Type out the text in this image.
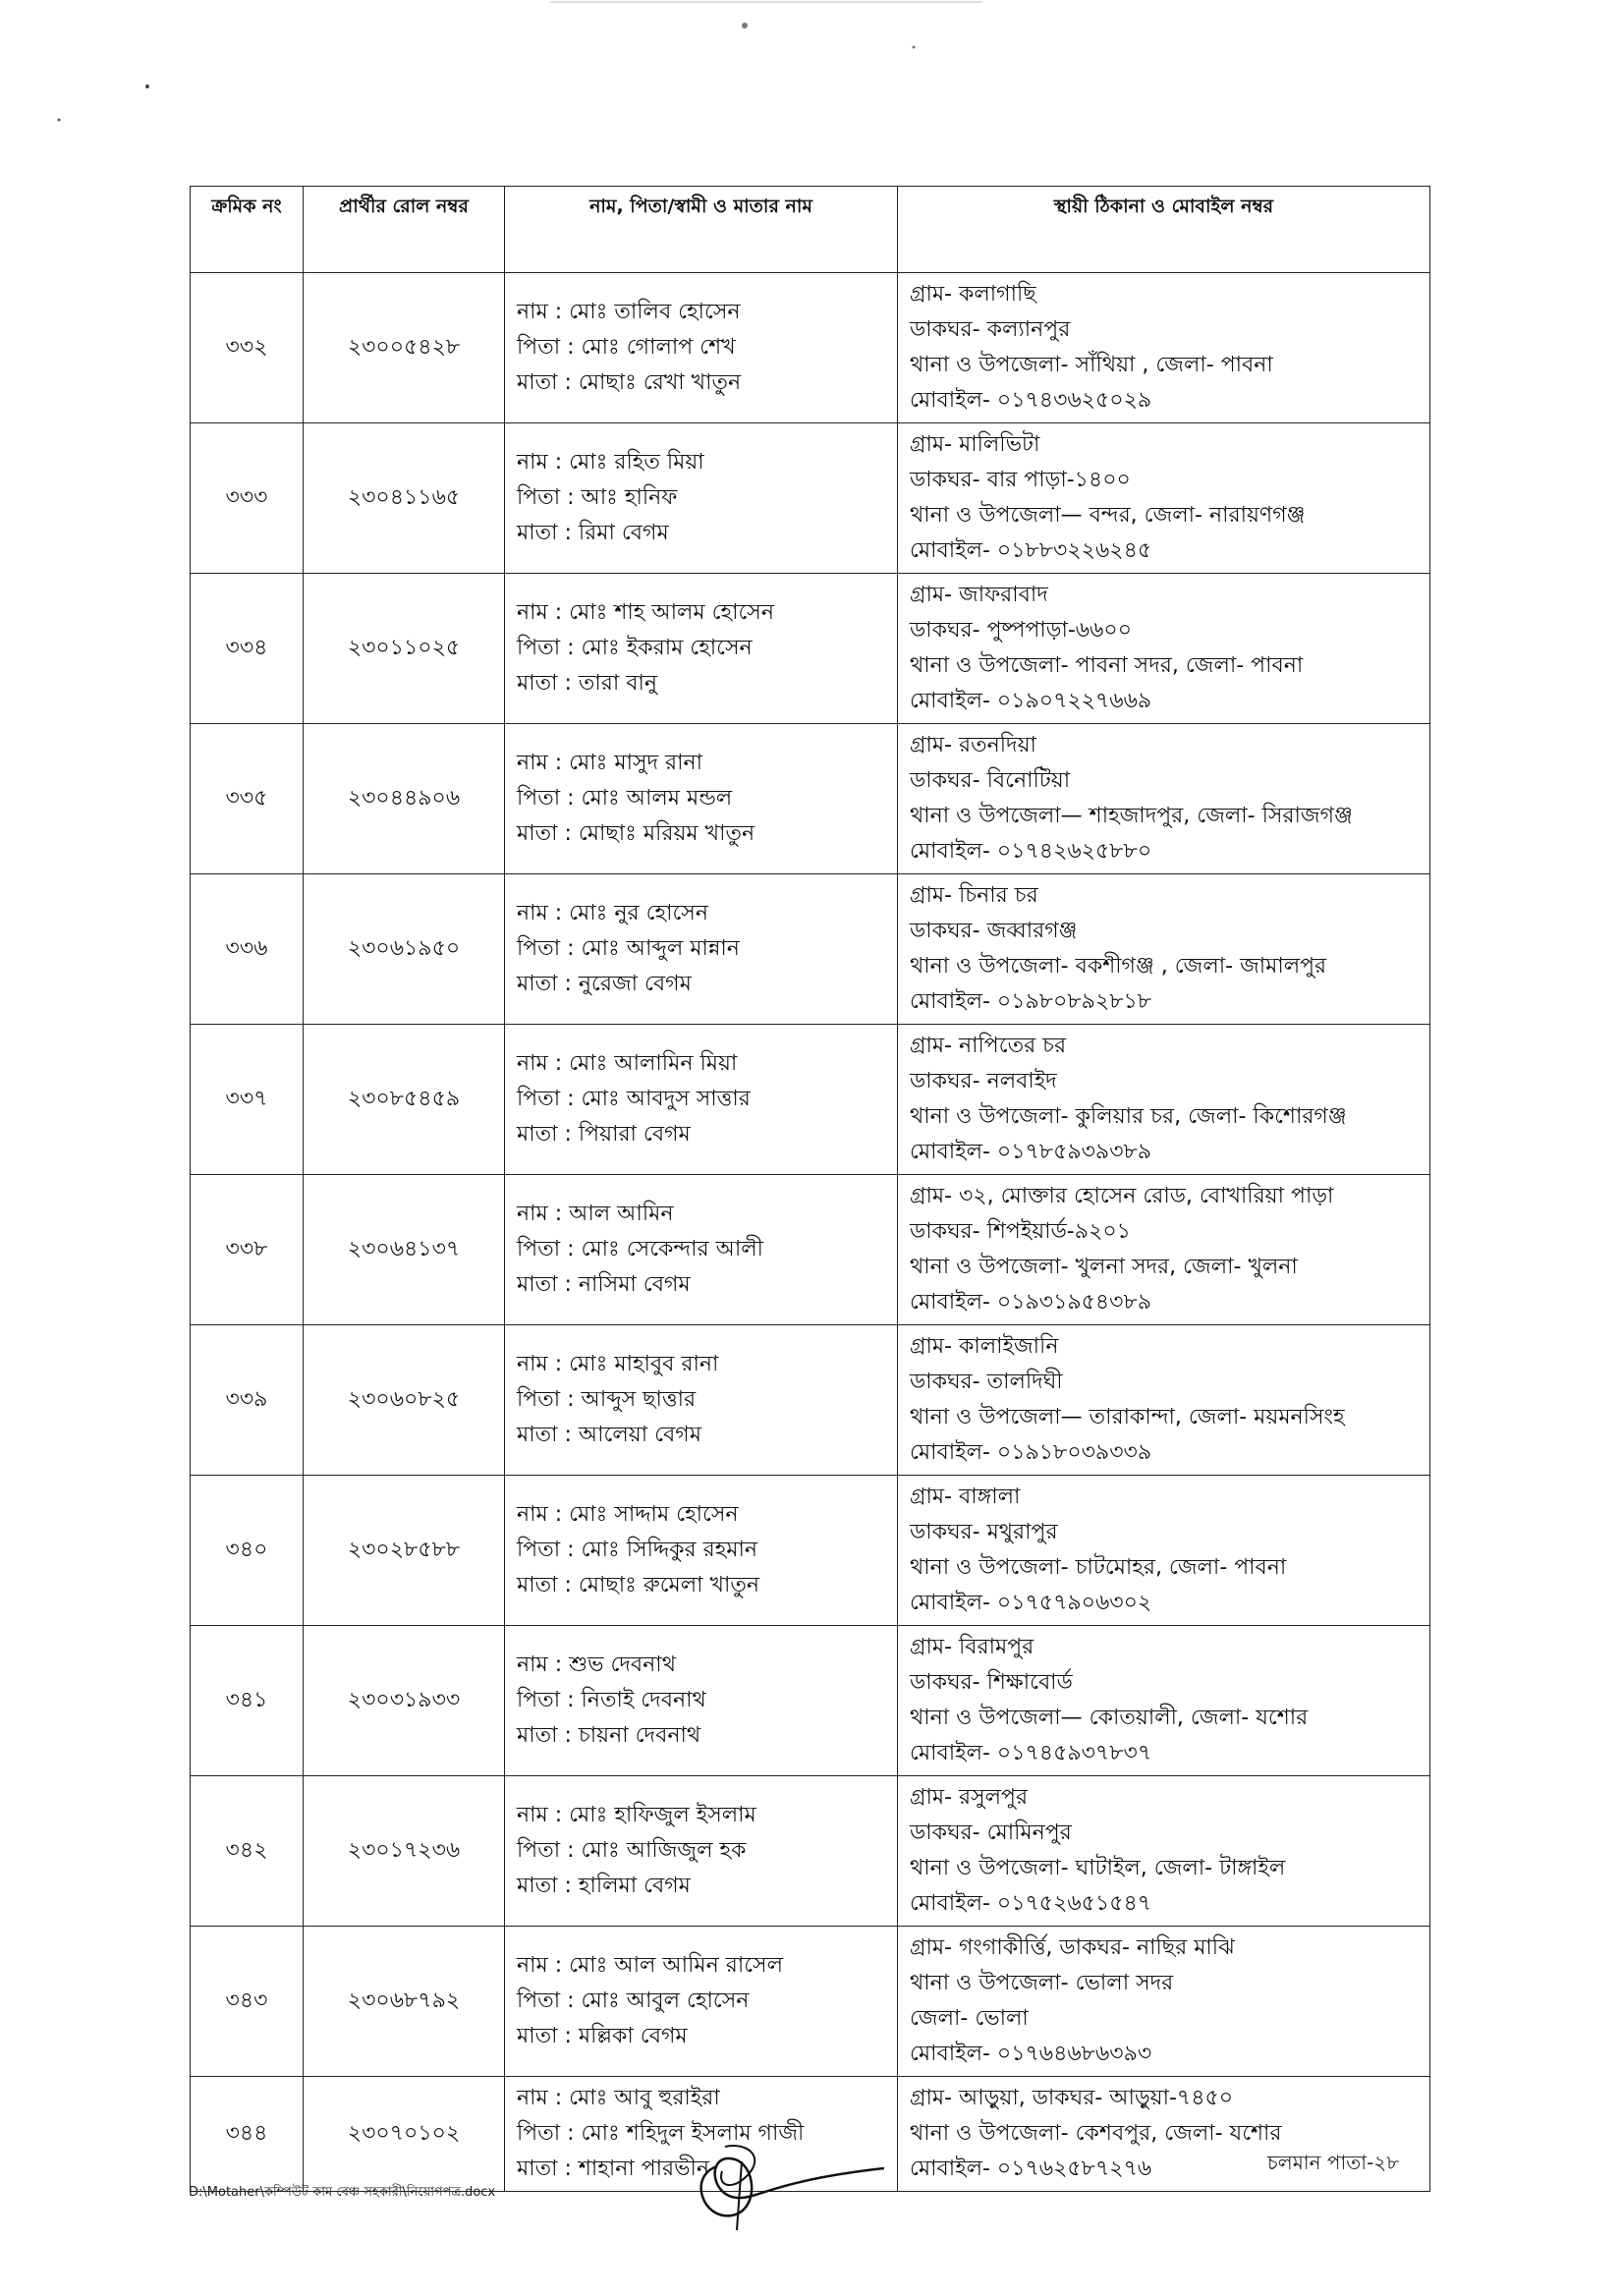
ক্রমিক নং	প্রার্থীর রোল নম্বর	নাম, পিতা/স্বামী ও মাতার নাম	স্থায়ী ঠিকানা ও মোবাইল নম্বর
৩৩২	২৩০০৫৪২৮	নাম : মোঃ তালিব হোসেন
পিতা : মোঃ গোলাপ শেখ
মাতা : মোছাঃ রেখা খাতুন	গ্রাম- কলাগাছি
ডাকঘর- কল্যানপুর
থানা ও উপজেলা- সাঁথিয়া , জেলা- পাবনা
মোবাইল- ০১৭৪৩৬২৫০২৯

৩৩৩	২৩০৪১১৬৫	নাম : মোঃ রহিত মিয়া
পিতা : আঃ হানিফ
মাতা : রিমা বেগম	গ্রাম- মালিভিটা
ডাকঘর- বার পাড়া-১৪০০
থানা ও উপজেলা— বন্দর, জেলা- নারায়ণগঞ্জ
মোবাইল- ০১৮৮৩২২৬২৪৫

৩৩৪	২৩০১১০২৫	নাম : মোঃ শাহ আলম হোসেন
পিতা : মোঃ ইকরাম হোসেন
মাতা : তারা বানু	গ্রাম- জাফরাবাদ
ডাকঘর- পুষ্পপাড়া-৬৬০০
থানা ও উপজেলা- পাবনা সদর, জেলা- পাবনা
মোবাইল- ০১৯০৭২২৭৬৬৯

৩৩৫	২৩০৪৪৯০৬	নাম : মোঃ মাসুদ রানা
পিতা : মোঃ আলম মন্ডল
মাতা : মোছাঃ মরিয়ম খাতুন	গ্রাম- রতনদিয়া
ডাকঘর- বিনোটিয়া
থানা ও উপজেলা— শাহজাদপুর, জেলা- সিরাজগঞ্জ
মোবাইল- ০১৭৪২৬২৫৮৮০

৩৩৬	২৩০৬১৯৫০	নাম : মোঃ নুর হোসেন
পিতা : মোঃ আব্দুল মান্নান
মাতা : নুরেজা বেগম	গ্রাম- চিনার চর
ডাকঘর- জব্বারগঞ্জ
থানা ও উপজেলা- বকশীগঞ্জ , জেলা- জামালপুর
মোবাইল- ০১৯৮০৮৯২৮১৮

৩৩৭	২৩০৮৫৪৫৯	নাম : মোঃ আলামিন মিয়া
পিতা : মোঃ আবদুস সাত্তার
মাতা : পিয়ারা বেগম	গ্রাম- নাপিতের চর
ডাকঘর- নলবাইদ
থানা ও উপজেলা- কুলিয়ার চর, জেলা- কিশোরগঞ্জ
মোবাইল- ০১৭৮৫৯৩৯৩৮৯

৩৩৮	২৩০৬৪১৩৭	নাম : আল আমিন
পিতা : মোঃ সেকেন্দার আলী
মাতা : নাসিমা বেগম	গ্রাম- ৩২, মোক্তার হোসেন রোড, বোখারিয়া পাড়া
ডাকঘর- শিপইয়ার্ড-৯২০১
থানা ও উপজেলা- খুলনা সদর, জেলা- খুলনা
মোবাইল- ০১৯৩১৯৫৪৩৮৯

৩৩৯	২৩০৬০৮২৫	নাম : মোঃ মাহাবুব রানা
পিতা : আব্দুস ছাত্তার
মাতা : আলেয়া বেগম	গ্রাম- কালাইজানি
ডাকঘর- তালদিঘী
থানা ও উপজেলা— তারাকান্দা, জেলা- ময়মনসিংহ
মোবাইল- ০১৯১৮০৩৯৩৩৯

৩৪০	২৩০২৮৫৮৮	নাম : মোঃ সাদ্দাম হোসেন
পিতা : মোঃ সিদ্দিকুর রহমান
মাতা : মোছাঃ রুমেলা খাতুন	গ্রাম- বাঙ্গালা
ডাকঘর- মথুরাপুর
থানা ও উপজেলা- চাটমোহর, জেলা- পাবনা
মোবাইল- ০১৭৫৭৯০৬৩০২

৩৪১	২৩০৩১৯৩৩	নাম : শুভ দেবনাথ
পিতা : নিতাই দেবনাথ
মাতা : চায়না দেবনাথ	গ্রাম- বিরামপুর
ডাকঘর- শিক্ষাবোর্ড
থানা ও উপজেলা— কোতয়ালী, জেলা- যশোর
মোবাইল- ০১৭৪৫৯৩৭৮৩৭

৩৪২	২৩০১৭২৩৬	নাম : মোঃ হাফিজুল ইসলাম
পিতা : মোঃ আজিজুল হক
মাতা : হালিমা বেগম	গ্রাম- রসুলপুর
ডাকঘর- মোমিনপুর
থানা ও উপজেলা- ঘাটাইল, জেলা- টাঙ্গাইল
মোবাইল- ০১৭৫২৬৫১৫৪৭

৩৪৩	২৩০৬৮৭৯২	নাম : মোঃ আল আমিন রাসেল
পিতা : মোঃ আবুল হোসেন
মাতা : মল্লিকা বেগম	গ্রাম- গংগাকীর্ত্তি, ডাকঘর- নাছির মাঝি
থানা ও উপজেলা- ভোলা সদর
জেলা- ভোলা
মোবাইল- ০১৭৬৪৬৮৬৩৯৩

৩৪৪	২৩০৭০১০২	নাম : মোঃ আবু হুরাইরা
পিতা : মোঃ শহিদুল ইসলাম গাজী
মাতা : শাহানা পারভীন	গ্রাম- আড়ুয়া, ডাকঘর- আড়ুয়া-৭৪৫০
থানা ও উপজেলা- কেশবপুর, জেলা- যশোর
মোবাইল- ০১৭৬২৫৮৭২৭৬
D:\Motaher\কম্পিউট কাম বেঞ্চ সহকারী\নিয়োগপত্র.docx
চলমান পাতা-২৮
